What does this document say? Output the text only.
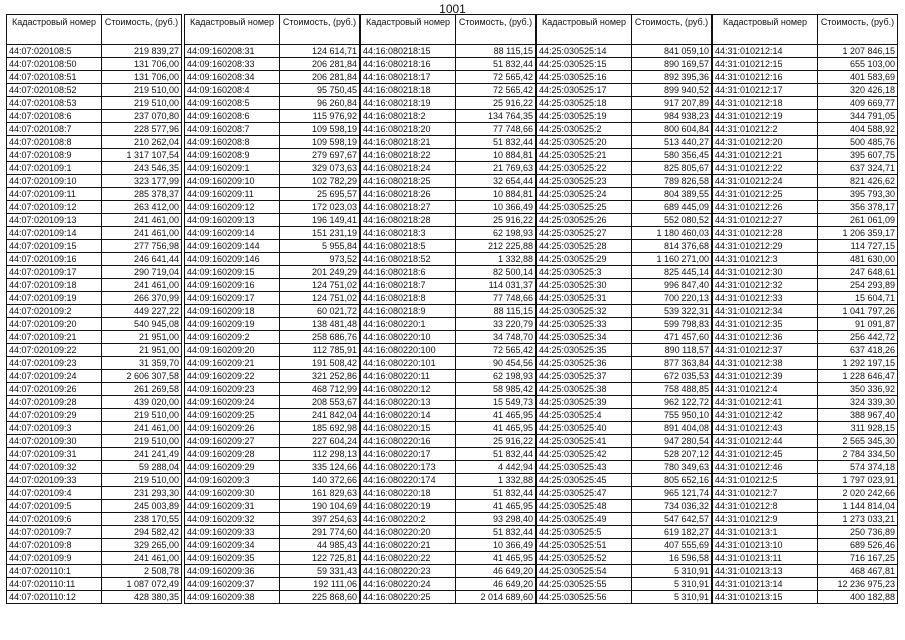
1001
Кадастровый номер	Стоимость, (руб.)
44:07:020108:5	219 839,27
44:07:020108:50	131 706,00
44:07:020108:51	131 706,00
44:07:020108:52	219 510,00
44:07:020108:53	219 510,00
44:07:020108:6	237 070,80
44:07:020108:7	228 577,96
44:07:020108:8	210 262,04
44:07:020108:9	1 317 107,54
44:07:020109:1	243 546,35
44:07:020109:10	323 177,99
44:07:020109:11	285 378,37
44:07:020109:12	263 412,00
44:07:020109:13	241 461,00
44:07:020109:14	241 461,00
44:07:020109:15	277 756,98
44:07:020109:16	246 641,44
44:07:020109:17	290 719,04
44:07:020109:18	241 461,00
44:07:020109:19	266 370,99
44:07:020109:2	449 227,22
44:07:020109:20	540 945,08
44:07:020109:21	21 951,00
44:07:020109:22	21 951,00
44:07:020109:23	31 359,70
44:07:020109:24	2 606 307,58
44:07:020109:26	261 269,58
44:07:020109:28	439 020,00
44:07:020109:29	219 510,00
44:07:020109:3	241 461,00
44:07:020109:30	219 510,00
44:07:020109:31	241 241,49
44:07:020109:32	59 288,04
44:07:020109:33	219 510,00
44:07:020109:4	231 293,30
44:07:020109:5	245 003,89
44:07:020109:6	238 170,55
44:07:020109:7	294 582,42
44:07:020109:8	329 265,00
44:07:020109:9	241 461,00
44:07:020110:1	2 508,78
44:07:020110:11	1 087 072,49
44:07:020110:12	428 380,35
Кадастровый номер	Стоимость, (руб.)
44:09:160208:31	124 614,71
44:09:160208:33	206 281,84
44:09:160208:34	206 281,84
44:09:160208:4	95 750,45
44:09:160208:5	96 260,84
44:09:160208:6	115 976,92
44:09:160208:7	109 598,19
44:09:160208:8	109 598,19
44:09:160208:9	279 697,67
44:09:160209:1	329 073,63
44:09:160209:10	102 782,29
44:09:160209:11	25 695,57
44:09:160209:12	172 023,03
44:09:160209:13	196 149,41
44:09:160209:14	151 231,19
44:09:160209:144	5 955,84
44:09:160209:146	973,52
44:09:160209:15	201 249,29
44:09:160209:16	124 751,02
44:09:160209:17	124 751,02
44:09:160209:18	60 021,72
44:09:160209:19	138 481,48
44:09:160209:2	258 686,76
44:09:160209:20	112 785,91
44:09:160209:21	191 508,42
44:09:160209:22	321 252,86
44:09:160209:23	468 712,99
44:09:160209:24	208 553,67
44:09:160209:25	241 842,04
44:09:160209:26	185 692,98
44:09:160209:27	227 604,24
44:09:160209:28	112 298,13
44:09:160209:29	335 124,66
44:09:160209:3	140 372,66
44:09:160209:30	161 829,63
44:09:160209:31	190 104,69
44:09:160209:32	397 254,63
44:09:160209:33	291 774,60
44:09:160209:34	44 985,43
44:09:160209:35	122 725,81
44:09:160209:36	59 331,43
44:09:160209:37	192 111,06
44:09:160209:38	225 868,60
Кадастровый номер	Стоимость, (руб.)
44:16:080218:15	88 115,15
44:16:080218:16	51 832,44
44:16:080218:17	72 565,42
44:16:080218:18	72 565,42
44:16:080218:19	25 916,22
44:16:080218:2	134 764,35
44:16:080218:20	77 748,66
44:16:080218:21	51 832,44
44:16:080218:22	10 884,81
44:16:080218:24	21 769,63
44:16:080218:25	32 654,44
44:16:080218:26	10 884,81
44:16:080218:27	10 366,49
44:16:080218:28	25 916,22
44:16:080218:3	62 198,93
44:16:080218:5	212 225,88
44:16:080218:52	1 332,88
44:16:080218:6	82 500,14
44:16:080218:7	114 031,37
44:16:080218:8	77 748,66
44:16:080218:9	88 115,15
44:16:080220:1	33 220,79
44:16:080220:10	34 748,70
44:16:080220:100	72 565,42
44:16:080220:101	90 454,56
44:16:080220:11	62 198,93
44:16:080220:12	58 985,42
44:16:080220:13	15 549,73
44:16:080220:14	41 465,95
44:16:080220:15	41 465,95
44:16:080220:16	25 916,22
44:16:080220:17	51 832,44
44:16:080220:173	4 442,94
44:16:080220:174	1 332,88
44:16:080220:18	51 832,44
44:16:080220:19	41 465,95
44:16:080220:2	93 298,40
44:16:080220:20	51 832,44
44:16:080220:21	10 366,49
44:16:080220:22	41 465,95
44:16:080220:23	46 649,20
44:16:080220:24	46 649,20
44:16:080220:25	2 014 689,60
Кадастровый номер	Стоимость, (руб.)
44:25:030525:14	841 059,10
44:25:030525:15	890 169,57
44:25:030525:16	892 395,36
44:25:030525:17	899 940,52
44:25:030525:18	917 207,89
44:25:030525:19	984 938,23
44:25:030525:2	800 604,84
44:25:030525:20	513 440,27
44:25:030525:21	580 356,45
44:25:030525:22	825 805,67
44:25:030525:23	789 826,58
44:25:030525:24	804 389,55
44:25:030525:25	689 445,09
44:25:030525:26	552 080,52
44:25:030525:27	1 180 460,03
44:25:030525:28	814 376,68
44:25:030525:29	1 160 271,00
44:25:030525:3	825 445,14
44:25:030525:30	996 847,40
44:25:030525:31	700 220,13
44:25:030525:32	539 322,31
44:25:030525:33	599 798,83
44:25:030525:34	471 457,60
44:25:030525:35	890 118,57
44:25:030525:36	877 363,84
44:25:030525:37	672 035,53
44:25:030525:38	758 488,85
44:25:030525:39	962 122,72
44:25:030525:4	755 950,10
44:25:030525:40	891 404,08
44:25:030525:41	947 280,54
44:25:030525:42	528 207,12
44:25:030525:43	780 349,63
44:25:030525:45	805 652,16
44:25:030525:47	965 121,74
44:25:030525:48	734 036,32
44:25:030525:49	547 642,57
44:25:030525:5	619 182,27
44:25:030525:51	407 555,69
44:25:030525:52	16 596,58
44:25:030525:54	5 310,91
44:25:030525:55	5 310,91
44:25:030525:56	5 310,91
Кадастровый номер	Стоимость, (руб.)
44:31:010212:14	1 207 846,15
44:31:010212:15	655 103,00
44:31:010212:16	401 583,69
44:31:010212:17	320 426,18
44:31:010212:18	409 669,77
44:31:010212:19	344 791,05
44:31:010212:2	404 588,92
44:31:010212:20	500 485,76
44:31:010212:21	395 607,75
44:31:010212:22	637 324,71
44:31:010212:24	821 426,62
44:31:010212:25	395 793,30
44:31:010212:26	356 378,17
44:31:010212:27	261 061,09
44:31:010212:28	1 206 359,17
44:31:010212:29	114 727,15
44:31:010212:3	481 630,00
44:31:010212:30	247 648,61
44:31:010212:32	254 293,89
44:31:010212:33	15 604,71
44:31:010212:34	1 041 797,26
44:31:010212:35	91 091,87
44:31:010212:36	256 442,72
44:31:010212:37	637 418,26
44:31:010212:38	1 292 197,15
44:31:010212:39	1 228 646,47
44:31:010212:4	350 336,92
44:31:010212:41	324 339,30
44:31:010212:42	388 967,40
44:31:010212:43	311 928,15
44:31:010212:44	2 565 345,30
44:31:010212:45	2 784 334,50
44:31:010212:46	574 374,18
44:31:010212:5	1 797 023,91
44:31:010212:7	2 020 242,66
44:31:010212:8	1 144 814,04
44:31:010212:9	1 273 033,21
44:31:010213:1	250 736,89
44:31:010213:10	689 526,46
44:31:010213:11	716 167,25
44:31:010213:13	468 467,81
44:31:010213:14	12 236 975,23
44:31:010213:15	400 182,88
